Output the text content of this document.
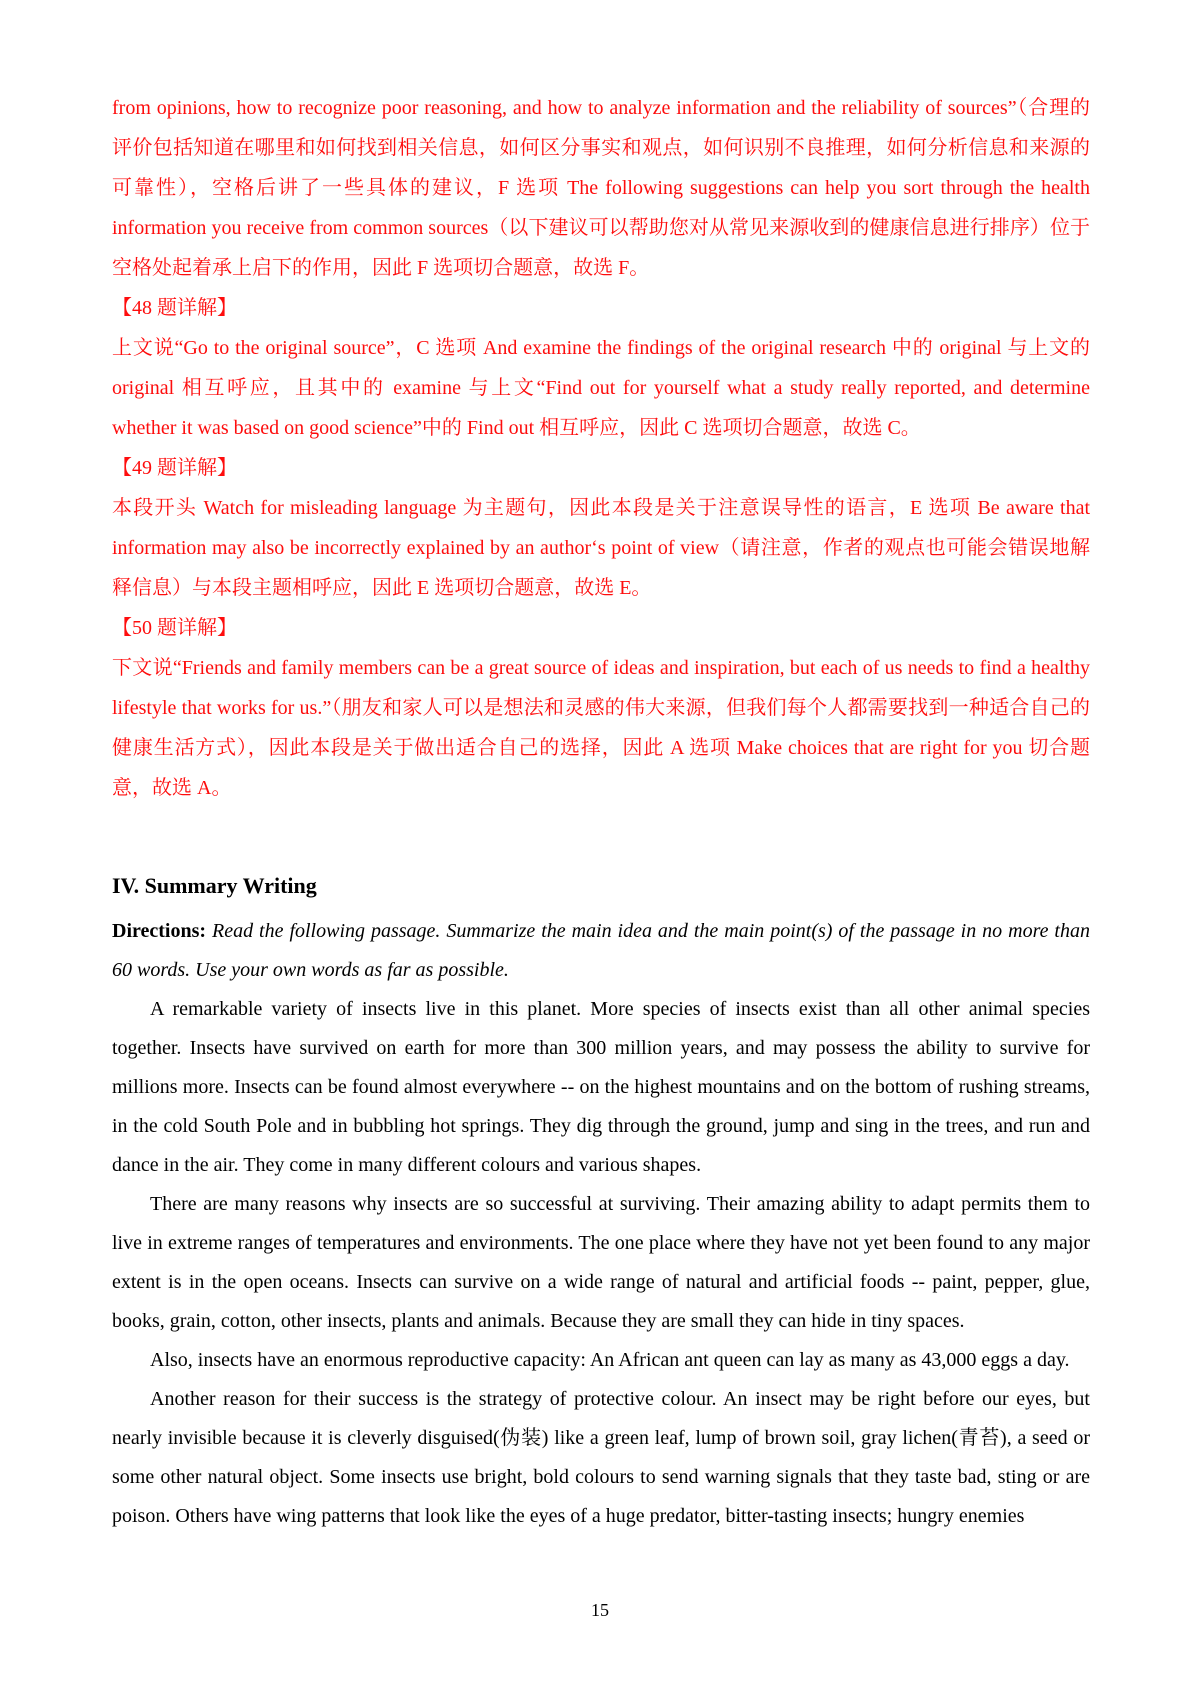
from opinions, how to recognize poor reasoning, and how to analyze information and the reliability of sources”（合理的评价包括知道在哪里和如何找到相关信息，如何区分事实和观点，如何识别不良推理，如何分析信息和来源的可靠性），空格后讲了一些具体的建议，F 选项 The following suggestions can help you sort through the health information you receive from common sources（以下建议可以帮助您对从常见来源收到的健康信息进行排序）位于空格处起着承上启下的作用，因此 F 选项切合题意，故选 F。

【48 题详解】

上文说“Go to the original source”，C 选项 And examine the findings of the original research 中的 original 与上文的 original 相互呼应，且其中的 examine 与上文“Find out for yourself what a study really reported, and determine whether it was based on good science”中的 Find out 相互呼应，因此 C 选项切合题意，故选 C。

【49 题详解】

本段开头 Watch for misleading language 为主题句，因此本段是关于注意误导性的语言，E 选项 Be aware that information may also be incorrectly explained by an author‘s point of view（请注意，作者的观点也可能会错误地解释信息）与本段主题相呼应，因此 E 选项切合题意，故选 E。

【50 题详解】

下文说“Friends and family members can be a great source of ideas and inspiration, but each of us needs to find a healthy lifestyle that works for us.”（朋友和家人可以是想法和灵感的伟大来源，但我们每个人都需要找到一种适合自己的健康生活方式），因此本段是关于做出适合自己的选择，因此 A 选项 Make choices that are right for you 切合题意，故选 A。

IV. Summary Writing

Directions: Read the following passage. Summarize the main idea and the main point(s) of the passage in no more than 60 words. Use your own words as far as possible.

A remarkable variety of insects live in this planet. More species of insects exist than all other animal species together. Insects have survived on earth for more than 300 million years, and may possess the ability to survive for millions more. Insects can be found almost everywhere -- on the highest mountains and on the bottom of rushing streams, in the cold South Pole and in bubbling hot springs. They dig through the ground, jump and sing in the trees, and run and dance in the air. They come in many different colours and various shapes.

There are many reasons why insects are so successful at surviving. Their amazing ability to adapt permits them to live in extreme ranges of temperatures and environments. The one place where they have not yet been found to any major extent is in the open oceans. Insects can survive on a wide range of natural and artificial foods -- paint, pepper, glue, books, grain, cotton, other insects, plants and animals. Because they are small they can hide in tiny spaces.

Also, insects have an enormous reproductive capacity: An African ant queen can lay as many as 43,000 eggs a day.

Another reason for their success is the strategy of protective colour. An insect may be right before our eyes, but nearly invisible because it is cleverly disguised(伪装) like a green leaf, lump of brown soil, gray lichen(青苔), a seed or some other natural object. Some insects use bright, bold colours to send warning signals that they taste bad, sting or are poison. Others have wing patterns that look like the eyes of a huge predator, bitter-tasting insects; hungry enemies

15
